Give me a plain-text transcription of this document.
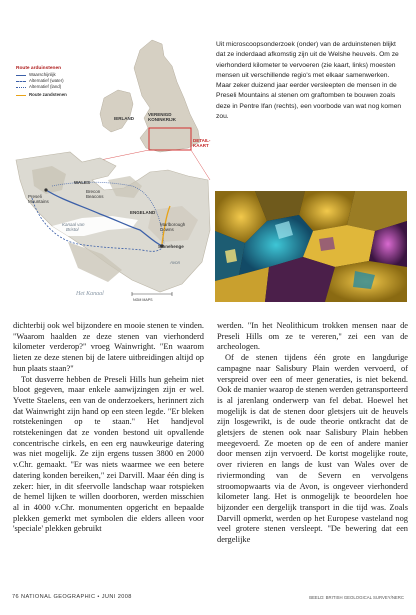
Route arduinstenen
Waarschijnlijk
Alternatief (water)
Alternatief (land)
Route zandstenen
IERLAND
VERENIGD
KONINKRIJK
DETAIL-
KAART
Preseli
Mountains
WALES
Brecon
Beacons
ENGELAND
Marlborough
Downs
Stonehenge
Kanaal van
Bristol
Avon
Het Kanaal
NGM MAPS
Uit microscoopsonderzoek (onder) van de arduinstenen blijkt dat ze inderdaad afkomstig zijn uit de Welshe heuvels. Om ze vierhonderd kilometer te vervoeren (zie kaart, links) moesten mensen uit verschillende regio's met elkaar samenwerken. Maar zeker duizend jaar eerder versleepten de mensen in de Preseli Mountains al stenen om graftomben te bouwen zoals deze in Pentre Ifan (rechts), een voorbode van wat nog komen zou.

dichterbij ook wel bijzondere en mooie stenen te vinden. "Waarom haalden ze deze stenen van vierhonderd kilometer verderop?" vroeg Wainwright. "En waarom lieten ze deze stenen bij de latere uitbreidingen altijd op hun plaats staan?"

Tot dusverre hebben de Preseli Hills hun geheim niet bloot gegeven, maar enkele aanwijzingen zijn er wel. Yvette Staelens, een van de onderzoekers, herinnert zich dat Wainwright zijn hand op een steen legde. "Er bleken rotstekeningen op te staan." Het handjevol rotstekeningen dat ze vonden bestond uit opvallende concentrische cirkels, en een erg nauwkeurige datering was niet mogelijk. Ze zijn ergens tussen 3800 en 2000 v.Chr. gemaakt. "Er was niets waarmee we een betere datering konden bereiken," zei Darvill. Maar één ding is zeker: hier, in dit sfeervolle landschap waar rotspieken de hemel lijken te willen doorboren, werden misschien al in 4000 v.Chr. monumenten opgericht en bepaalde plekken gemerkt met symbolen die elders alleen voor 'speciale' plekken gebruikt

werden. "In het Neolithicum trokken mensen naar de Preseli Hills om ze te vereren," zei een van de archeologen.

Of de stenen tijdens één grote en langdurige campagne naar Salisbury Plain werden vervoerd, of verspreid over een of meer generaties, is niet bekend. Ook de manier waarop de stenen werden getransporteerd is al jarenlang onderwerp van fel debat. Hoewel het mogelijk is dat de stenen door gletsjers uit de heuvels zijn losgewrikt, is de oude theorie ontkracht dat de gletsjers de stenen ook naar Salisbury Plain hebben meegevoerd. Ze moeten op de een of andere manier door mensen zijn vervoerd. De kortst mogelijke route, over rivieren en langs de kust van Wales over de riviermonding van de Severn en vervolgens stroomopwaarts via de Avon, is ongeveer vierhonderd kilometer lang. Het is onmogelijk te beoordelen hoe bijzonder een dergelijk transport in die tijd was. Zoals Darvill opmerkt, werden op het Europese vasteland nog veel grotere stenen versleept. "De bewering dat een dergelijke

76 NATIONAL GEOGRAPHIC • JUNI 2008	BEELD: BRITISH GEOLOGICAL SURVEY/NERC
